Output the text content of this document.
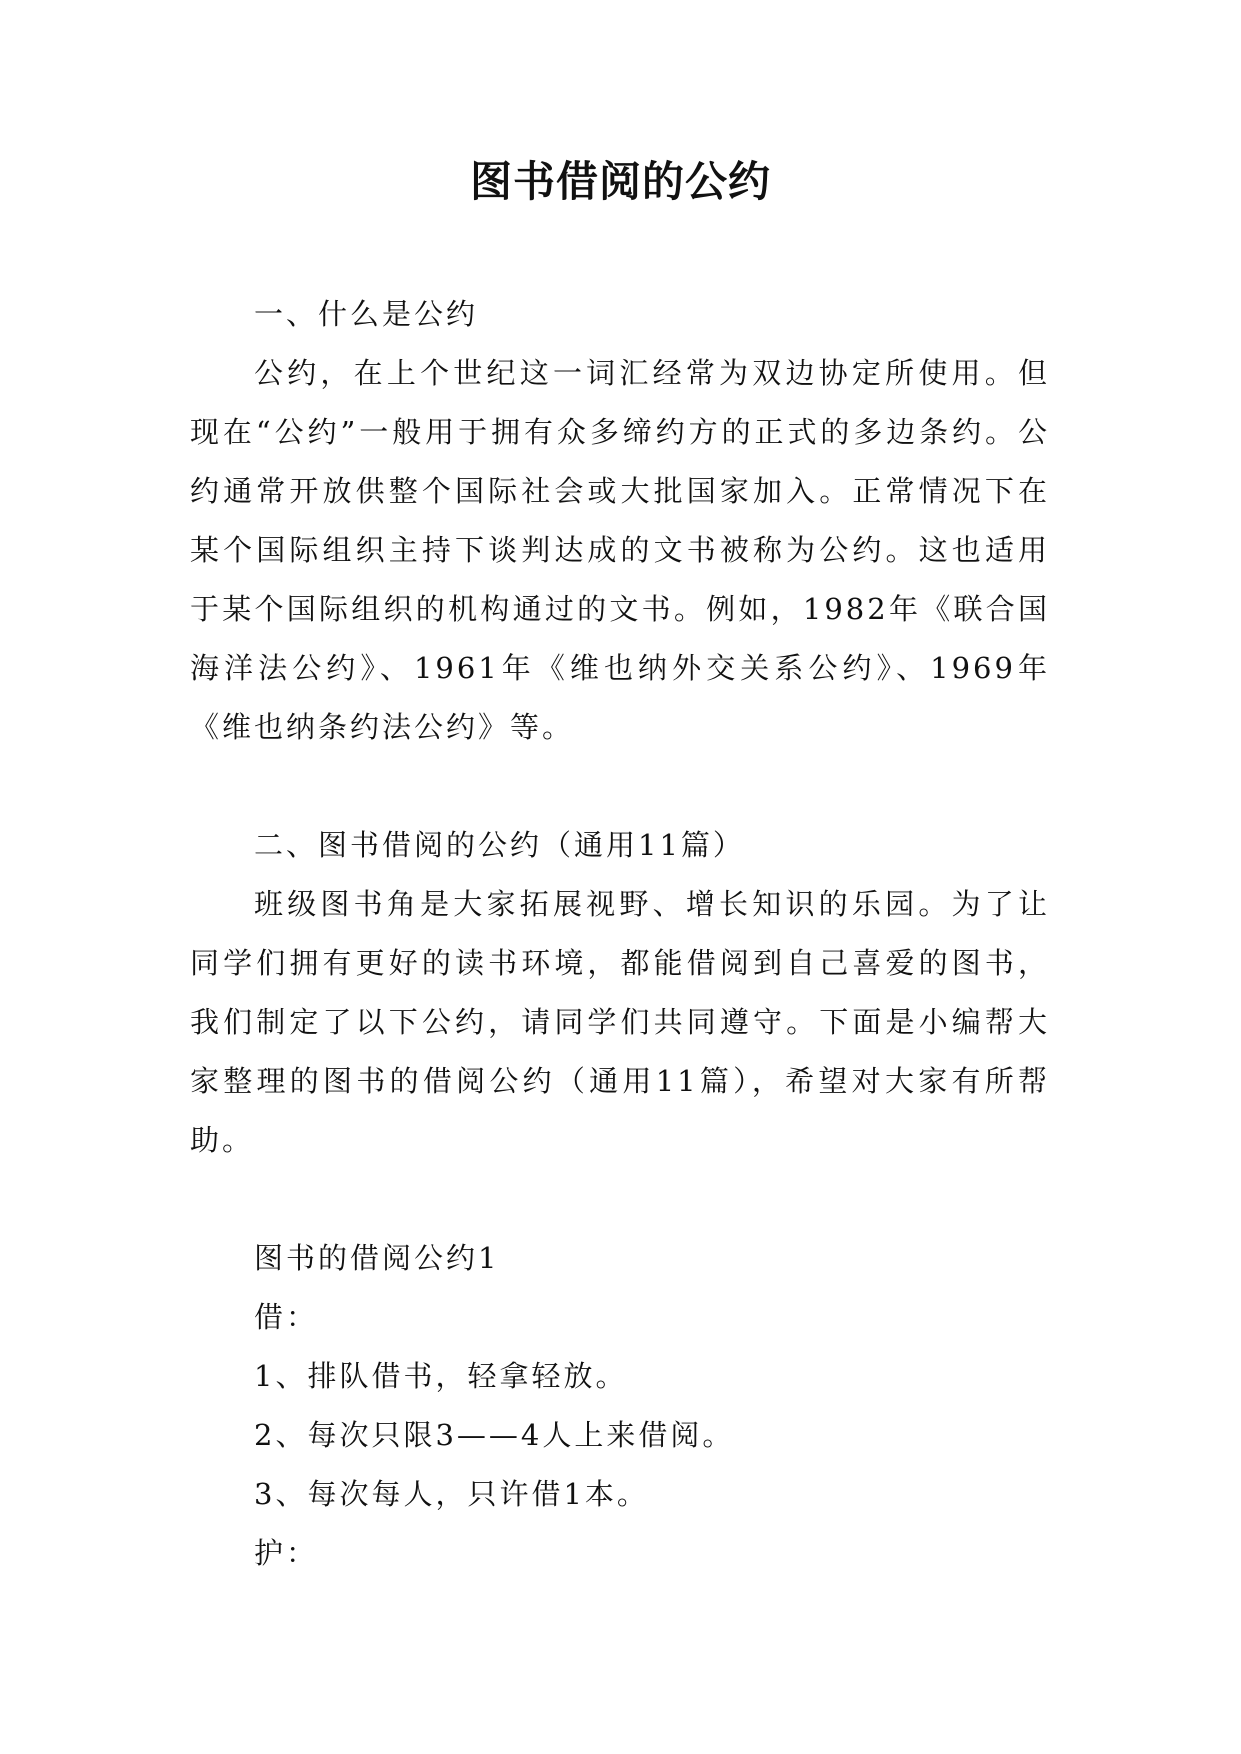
图书借阅的公约

一、什么是公约

公约，在上个世纪这一词汇经常为双边协定所使用。但现在“公约”一般用于拥有众多缔约方的正式的多边条约。公约通常开放供整个国际社会或大批国家加入。正常情况下在某个国际组织主持下谈判达成的文书被称为公约。这也适用于某个国际组织的机构通过的文书。例如，1982年《联合国海洋法公约》、1961年《维也纳外交关系公约》、1969年《维也纳条约法公约》等。

二、图书借阅的公约（通用11篇）

班级图书角是大家拓展视野、增长知识的乐园。为了让同学们拥有更好的读书环境，都能借阅到自己喜爱的图书，我们制定了以下公约，请同学们共同遵守。下面是小编帮大家整理的图书的借阅公约（通用11篇），希望对大家有所帮助。

图书的借阅公约1

借：

1、排队借书，轻拿轻放。

2、每次只限3——4人上来借阅。

3、每次每人，只许借1本。

护：
